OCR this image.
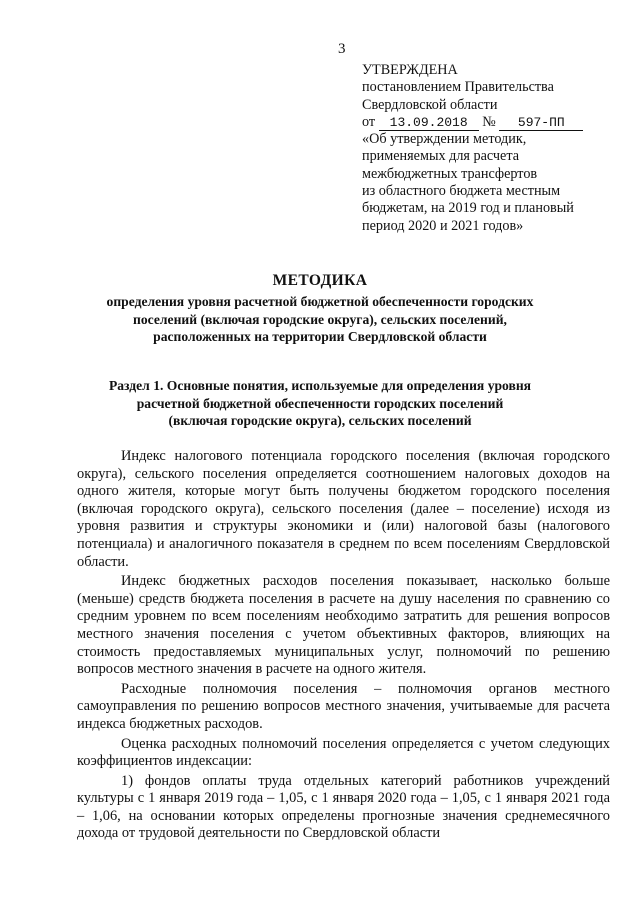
3
УТВЕРЖДЕНА
постановлением Правительства
Свердловской области
от 13.09.2018 № 597-ПП
«Об утверждении методик,
применяемых для расчета
межбюджетных трансфертов
из областного бюджета местным
бюджетам, на 2019 год и плановый
период 2020 и 2021 годов»
МЕТОДИКА
определения уровня расчетной бюджетной обеспеченности городских
поселений (включая городские округа), сельских поселений,
расположенных на территории Свердловской области
Раздел 1. Основные понятия, используемые для определения уровня
расчетной бюджетной обеспеченности городских поселений
(включая городские округа), сельских поселений

Индекс налогового потенциала городского поселения (включая городского округа), сельского поселения определяется соотношением налоговых доходов на одного жителя, которые могут быть получены бюджетом городского поселения (включая городского округа), сельского поселения (далее – поселение) исходя из уровня развития и структуры экономики и (или) налоговой базы (налогового потенциала) и аналогичного показателя в среднем по всем поселениям Свердловской области.

Индекс бюджетных расходов поселения показывает, насколько больше (меньше) средств бюджета поселения в расчете на душу населения по сравнению со средним уровнем по всем поселениям необходимо затратить для решения вопросов местного значения поселения с учетом объективных факторов, влияющих на стоимость предоставляемых муниципальных услуг, полномочий по решению вопросов местного значения в расчете на одного жителя.

Расходные полномочия поселения – полномочия органов местного самоуправления по решению вопросов местного значения, учитываемые для расчета индекса бюджетных расходов.

Оценка расходных полномочий поселения определяется с учетом следующих коэффициентов индексации:

1) фондов оплаты труда отдельных категорий работников учреждений культуры с 1 января 2019 года – 1,05, с 1 января 2020 года – 1,05, с 1 января 2021 года – 1,06, на основании которых определены прогнозные значения среднемесячного дохода от трудовой деятельности по Свердловской области
